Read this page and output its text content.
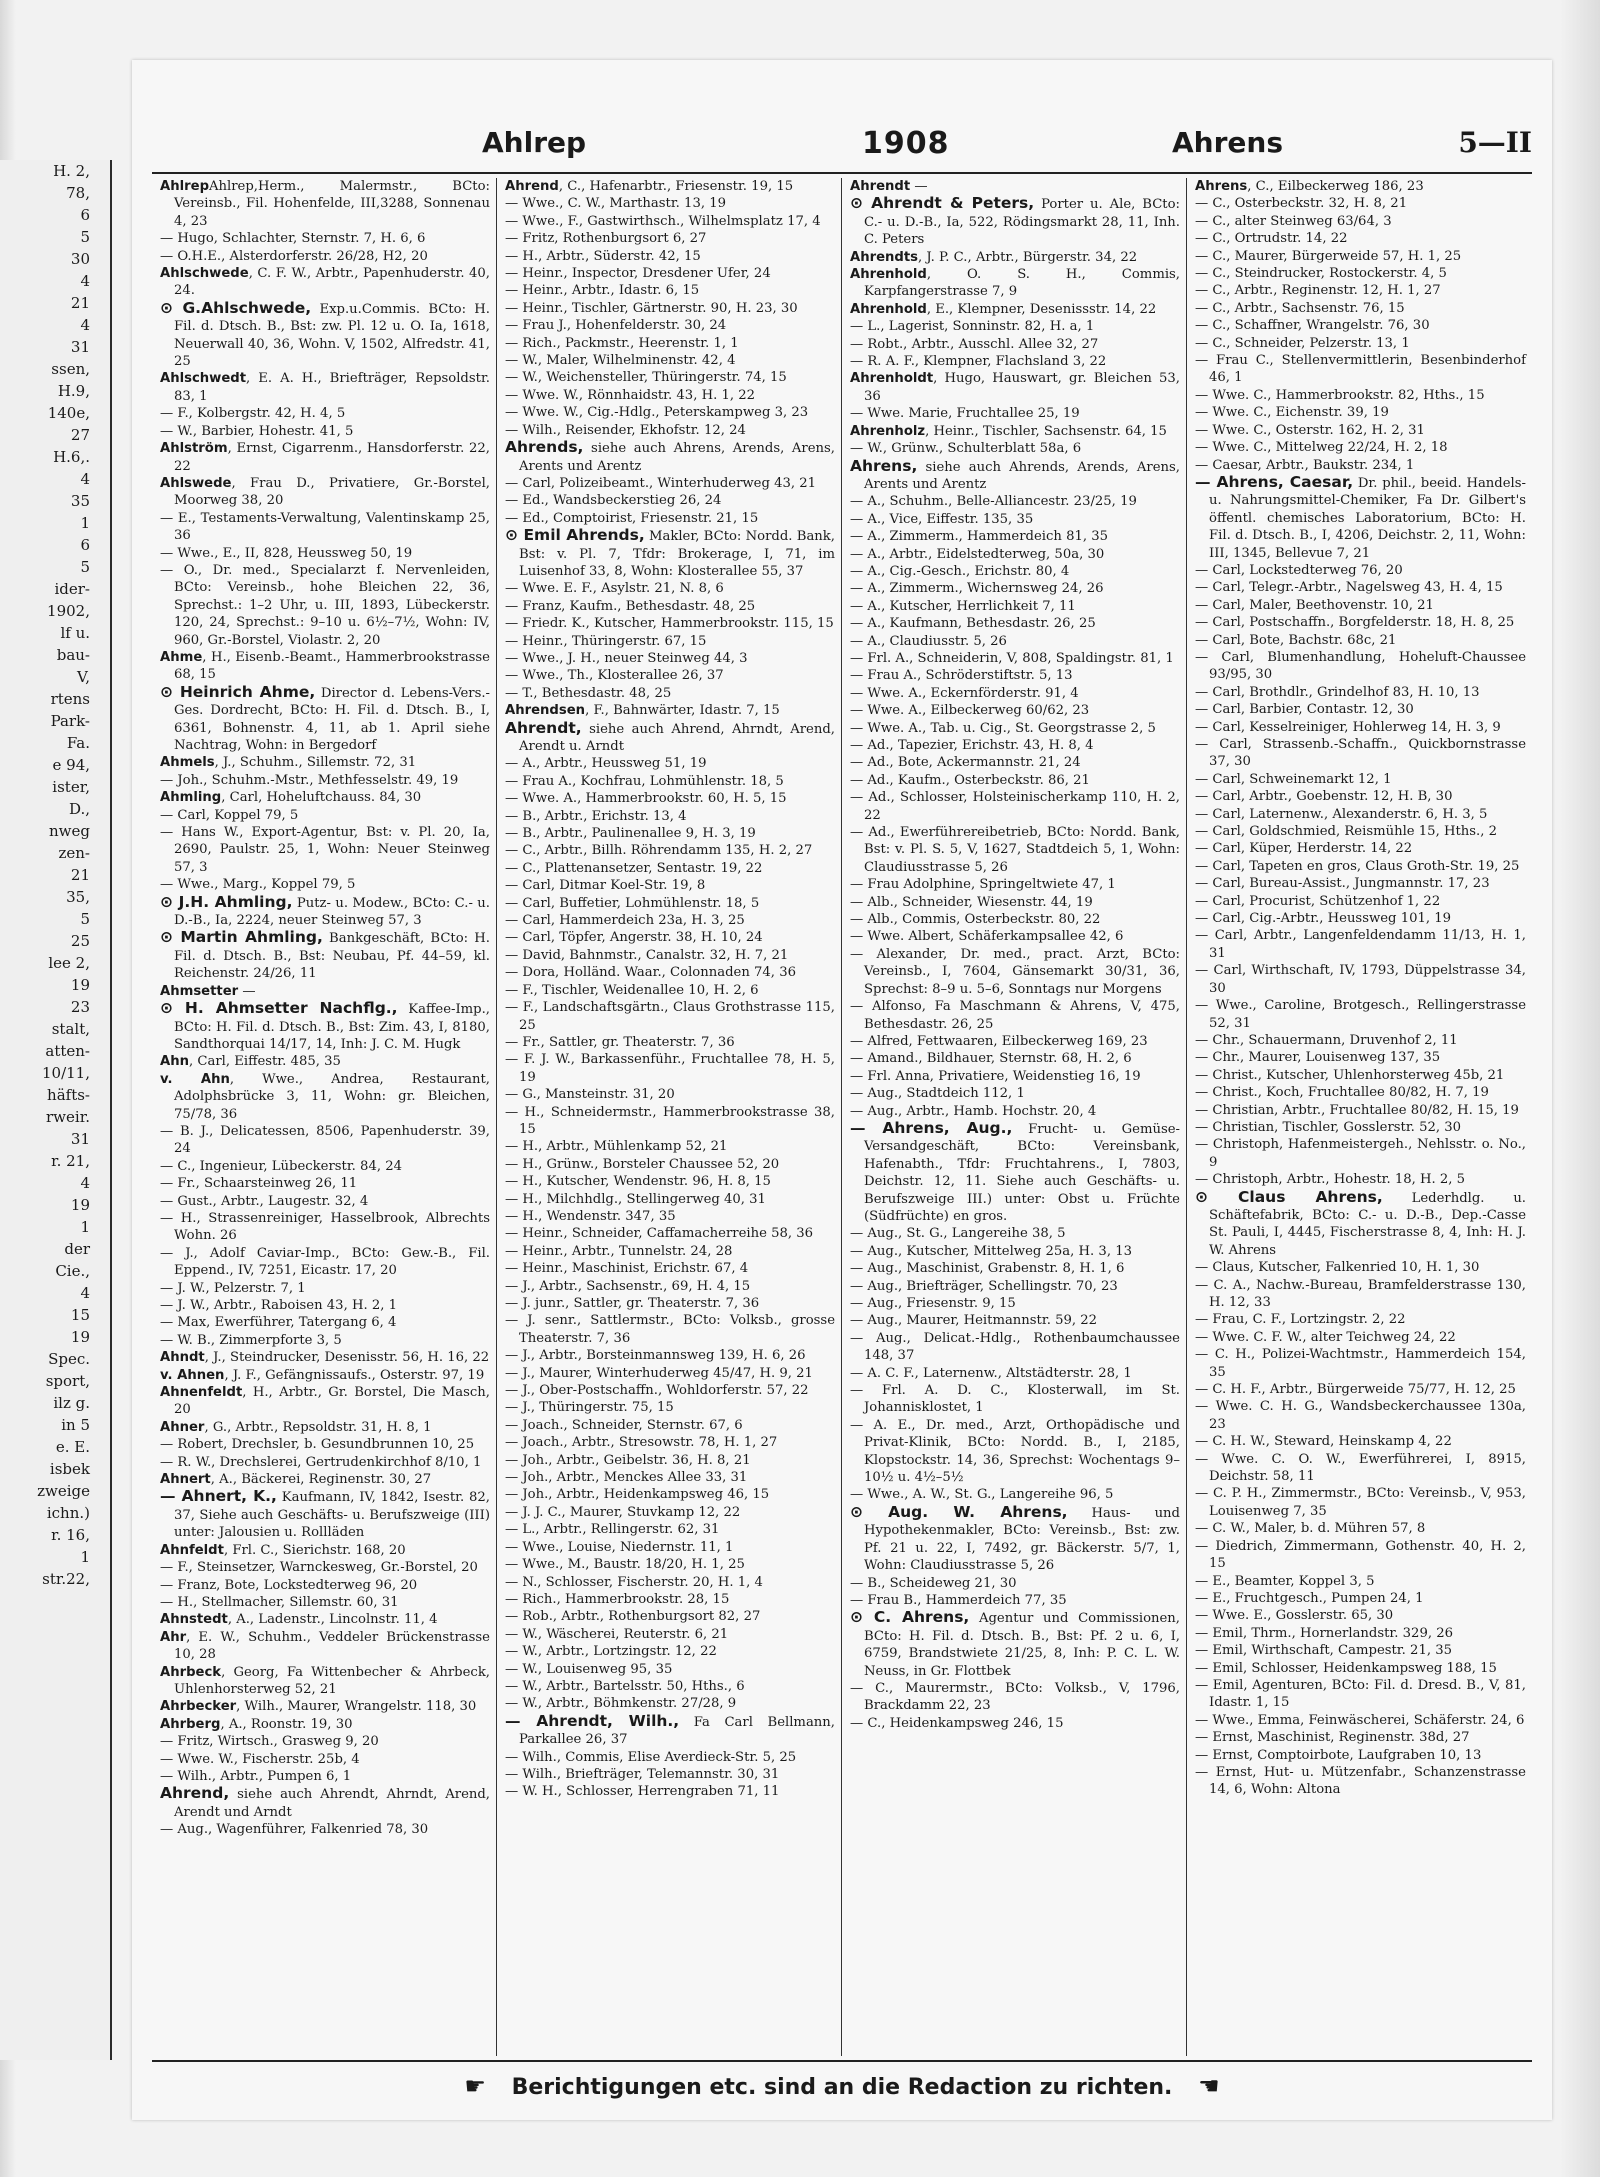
H. 2,
78,
6
5
30
4
21
4
31
ssen,
H.9,
140e,
27
H.6,.
4
35
1
6
5
ider-
1902,
lf u.
bau-
V,
rtens
Park-
Fa.
e 94,
ister,
D.,
nweg
zen-
21
35,
5
25
lee 2,
19
23
stalt,
atten-
10/11,
häfts-
rweir.
31
r. 21,
4
19
1
der
Cie.,
4
15
19
Spec.
sport,
ilz g.
in 5
e. E.
isbek
zweige
ichn.)
r. 16,
1
str.22,
Ahlrep	1908	Ahrens	5—II

AhlrepAhlrep,Herm., Malermstr., BCto: Vereinsb., Fil. Hohenfelde, III,3288, Sonnenau 4, 23

— Hugo, Schlachter, Sternstr. 7, H. 6, 6

— O.H.E., Alsterdorferstr. 26/28, H2, 20

Ahlschwede, C. F. W., Arbtr., Papenhuderstr. 40, 24.

⊙ G.Ahlschwede, Exp.u.Commis. BCto: H. Fil. d. Dtsch. B., Bst: zw. Pl. 12 u. O. Ia, 1618, Neuerwall 40, 36, Wohn. V, 1502, Alfredstr. 41, 25

Ahlschwedt, E. A. H., Briefträger, Repsoldstr. 83, 1

— F., Kolbergstr. 42, H. 4, 5

— W., Barbier, Hohestr. 41, 5

Ahlström, Ernst, Cigarrenm., Hansdorferstr. 22, 22

Ahlswede, Frau D., Privatiere, Gr.-Borstel, Moorweg 38, 20

— E., Testaments-Verwaltung, Valentinskamp 25, 36

— Wwe., E., II, 828, Heussweg 50, 19

— O., Dr. med., Specialarzt f. Nervenleiden, BCto: Vereinsb., hohe Bleichen 22, 36, Sprechst.: 1–2 Uhr, u. III, 1893, Lübeckerstr. 120, 24, Sprechst.: 9–10 u. 6½–7½, Wohn: IV, 960, Gr.-Borstel, Violastr. 2, 20

Ahme, H., Eisenb.-Beamt., Hammerbrookstrasse 68, 15

⊙ Heinrich Ahme, Director d. Lebens-Vers.-Ges. Dordrecht, BCto: H. Fil. d. Dtsch. B., I, 6361, Bohnenstr. 4, 11, ab 1. April siehe Nachtrag, Wohn: in Bergedorf

Ahmels, J., Schuhm., Sillemstr. 72, 31

— Joh., Schuhm.-Mstr., Methfesselstr. 49, 19

Ahmling, Carl, Hoheluftchauss. 84, 30

— Carl, Koppel 79, 5

— Hans W., Export-Agentur, Bst: v. Pl. 20, Ia, 2690, Paulstr. 25, 1, Wohn: Neuer Steinweg 57, 3

— Wwe., Marg., Koppel 79, 5

⊙ J.H. Ahmling, Putz- u. Modew., BCto: C.- u. D.-B., Ia, 2224, neuer Steinweg 57, 3

⊙ Martin Ahmling, Bankgeschäft, BCto: H. Fil. d. Dtsch. B., Bst: Neubau, Pf. 44–59, kl. Reichenstr. 24/26, 11

Ahmsetter —

⊙ H. Ahmsetter Nachflg., Kaffee-Imp., BCto: H. Fil. d. Dtsch. B., Bst: Zim. 43, I, 8180, Sandthorquai 14/17, 14, Inh: J. C. M. Hugk

Ahn, Carl, Eiffestr. 485, 35

v. Ahn, Wwe., Andrea, Restaurant, Adolphsbrücke 3, 11, Wohn: gr. Bleichen, 75/78, 36

— B. J., Delicatessen, 8506, Papenhuderstr. 39, 24

— C., Ingenieur, Lübeckerstr. 84, 24

— Fr., Schaarsteinweg 26, 11

— Gust., Arbtr., Laugestr. 32, 4

— H., Strassenreiniger, Hasselbrook, Albrechts Wohn. 26

— J., Adolf Caviar-Imp., BCto: Gew.-B., Fil. Eppend., IV, 7251, Eicastr. 17, 20

— J. W., Pelzerstr. 7, 1

— J. W., Arbtr., Raboisen 43, H. 2, 1

— Max, Ewerführer, Tatergang 6, 4

— W. B., Zimmerpforte 3, 5

Ahndt, J., Steindrucker, Desenisstr. 56, H. 16, 22

v. Ahnen, J. F., Gefängnissaufs., Osterstr. 97, 19

Ahnenfeldt, H., Arbtr., Gr. Borstel, Die Masch, 20

Ahner, G., Arbtr., Repsoldstr. 31, H. 8, 1

— Robert, Drechsler, b. Gesundbrunnen 10, 25

— R. W., Drechslerei, Gertrudenkirchhof 8/10, 1

Ahnert, A., Bäckerei, Reginenstr. 30, 27

— Ahnert, K., Kaufmann, IV, 1842, Isestr. 82, 37, Siehe auch Geschäfts- u. Berufszweige (III) unter: Jalousien u. Rollläden

Ahnfeldt, Frl. C., Sierichstr. 168, 20

— F., Steinsetzer, Warnckesweg, Gr.-Borstel, 20

— Franz, Bote, Lockstedterweg 96, 20

— H., Stellmacher, Sillemstr. 60, 31

Ahnstedt, A., Ladenstr., Lincolnstr. 11, 4

Ahr, E. W., Schuhm., Veddeler Brückenstrasse 10, 28

Ahrbeck, Georg, Fa Wittenbecher & Ahrbeck, Uhlenhorsterweg 52, 21

Ahrbecker, Wilh., Maurer, Wrangelstr. 118, 30

Ahrberg, A., Roonstr. 19, 30

— Fritz, Wirtsch., Grasweg 9, 20

— Wwe. W., Fischerstr. 25b, 4

— Wilh., Arbtr., Pumpen 6, 1

Ahrend, siehe auch Ahrendt, Ahrndt, Arend, Arendt und Arndt

— Aug., Wagenführer, Falkenried 78, 30

Ahrend, C., Hafenarbtr., Friesenstr. 19, 15

— Wwe., C. W., Marthastr. 13, 19

— Wwe., F., Gastwirthsch., Wilhelmsplatz 17, 4

— Fritz, Rothenburgsort 6, 27

— H., Arbtr., Süderstr. 42, 15

— Heinr., Inspector, Dresdener Ufer, 24

— Heinr., Arbtr., Idastr. 6, 15

— Heinr., Tischler, Gärtnerstr. 90, H. 23, 30

— Frau J., Hohenfelderstr. 30, 24

— Rich., Packmstr., Heerenstr. 1, 1

— W., Maler, Wilhelminenstr. 42, 4

— W., Weichensteller, Thüringerstr. 74, 15

— Wwe. W., Rönnhaidstr. 43, H. 1, 22

— Wwe. W., Cig.-Hdlg., Peterskampweg 3, 23

— Wilh., Reisender, Ekhofstr. 12, 24

Ahrends, siehe auch Ahrens, Arends, Arens, Arents und Arentz

— Carl, Polizeibeamt., Winterhuderweg 43, 21

— Ed., Wandsbeckerstieg 26, 24

— Ed., Comptoirist, Friesenstr. 21, 15

⊙ Emil Ahrends, Makler, BCto: Nordd. Bank, Bst: v. Pl. 7, Tfdr: Brokerage, I, 71, im Luisenhof 33, 8, Wohn: Klosterallee 55, 37

— Wwe. E. F., Asylstr. 21, N. 8, 6

— Franz, Kaufm., Bethesdastr. 48, 25

— Friedr. K., Kutscher, Hammerbrookstr. 115, 15

— Heinr., Thüringerstr. 67, 15

— Wwe., J. H., neuer Steinweg 44, 3

— Wwe., Th., Klosterallee 26, 37

— T., Bethesdastr. 48, 25

Ahrendsen, F., Bahnwärter, Idastr. 7, 15

Ahrendt, siehe auch Ahrend, Ahrndt, Arend, Arendt u. Arndt

— A., Arbtr., Heussweg 51, 19

— Frau A., Kochfrau, Lohmühlenstr. 18, 5

— Wwe. A., Hammerbrookstr. 60, H. 5, 15

— B., Arbtr., Erichstr. 13, 4

— B., Arbtr., Paulinenallee 9, H. 3, 19

— C., Arbtr., Billh. Röhrendamm 135, H. 2, 27

— C., Plattenansetzer, Sentastr. 19, 22

— Carl, Ditmar Koel-Str. 19, 8

— Carl, Buffetier, Lohmühlenstr. 18, 5

— Carl, Hammerdeich 23a, H. 3, 25

— Carl, Töpfer, Angerstr. 38, H. 10, 24

— David, Bahnmstr., Canalstr. 32, H. 7, 21

— Dora, Holländ. Waar., Colonnaden 74, 36

— F., Tischler, Weidenallee 10, H. 2, 6

— F., Landschaftsgärtn., Claus Grothstrasse 115, 25

— Fr., Sattler, gr. Theaterstr. 7, 36

— F. J. W., Barkassenführ., Fruchtallee 78, H. 5, 19

— G., Mansteinstr. 31, 20

— H., Schneidermstr., Hammerbrookstrasse 38, 15

— H., Arbtr., Mühlenkamp 52, 21

— H., Grünw., Borsteler Chaussee 52, 20

— H., Kutscher, Wendenstr. 96, H. 8, 15

— H., Milchhdlg., Stellingerweg 40, 31

— H., Wendenstr. 347, 35

— Heinr., Schneider, Caffamacherreihe 58, 36

— Heinr., Arbtr., Tunnelstr. 24, 28

— Heinr., Maschinist, Erichstr. 67, 4

— J., Arbtr., Sachsenstr., 69, H. 4, 15

— J. junr., Sattler, gr. Theaterstr. 7, 36

— J. senr., Sattlermstr., BCto: Volksb., grosse Theaterstr. 7, 36

— J., Arbtr., Borsteinmannsweg 139, H. 6, 26

— J., Maurer, Winterhuderweg 45/47, H. 9, 21

— J., Ober-Postschaffn., Wohldorferstr. 57, 22

— J., Thüringerstr. 75, 15

— Joach., Schneider, Sternstr. 67, 6

— Joach., Arbtr., Stresowstr. 78, H. 1, 27

— Joh., Arbtr., Geibelstr. 36, H. 8, 21

— Joh., Arbtr., Menckes Allee 33, 31

— Joh., Arbtr., Heidenkampsweg 46, 15

— J. J. C., Maurer, Stuvkamp 12, 22

— L., Arbtr., Rellingerstr. 62, 31

— Wwe., Louise, Niedernstr. 11, 1

— Wwe., M., Baustr. 18/20, H. 1, 25

— N., Schlosser, Fischerstr. 20, H. 1, 4

— Rich., Hammerbrookstr. 28, 15

— Rob., Arbtr., Rothenburgsort 82, 27

— W., Wäscherei, Reuterstr. 6, 21

— W., Arbtr., Lortzingstr. 12, 22

— W., Louisenweg 95, 35

— W., Arbtr., Bartelsstr. 50, Hths., 6

— W., Arbtr., Böhmkenstr. 27/28, 9

— Ahrendt, Wilh., Fa Carl Bellmann, Parkallee 26, 37

— Wilh., Commis, Elise Averdieck-Str. 5, 25

— Wilh., Briefträger, Telemannstr. 30, 31

— W. H., Schlosser, Herrengraben 71, 11

Ahrendt —

⊙ Ahrendt & Peters, Porter u. Ale, BCto: C.- u. D.-B., Ia, 522, Rödingsmarkt 28, 11, Inh. C. Peters

Ahrendts, J. P. C., Arbtr., Bürgerstr. 34, 22

Ahrenhold, O. S. H., Commis, Karpfangerstrasse 7, 9

Ahrenhold, E., Klempner, Desenissstr. 14, 22

— L., Lagerist, Sonninstr. 82, H. a, 1

— Robt., Arbtr., Ausschl. Allee 32, 27

— R. A. F., Klempner, Flachsland 3, 22

Ahrenholdt, Hugo, Hauswart, gr. Bleichen 53, 36

— Wwe. Marie, Fruchtallee 25, 19

Ahrenholz, Heinr., Tischler, Sachsenstr. 64, 15

— W., Grünw., Schulterblatt 58a, 6

Ahrens, siehe auch Ahrends, Arends, Arens, Arents und Arentz

— A., Schuhm., Belle-Alliancestr. 23/25, 19

— A., Vice, Eiffestr. 135, 35

— A., Zimmerm., Hammerdeich 81, 35

— A., Arbtr., Eidelstedterweg, 50a, 30

— A., Cig.-Gesch., Erichstr. 80, 4

— A., Zimmerm., Wichernsweg 24, 26

— A., Kutscher, Herrlichkeit 7, 11

— A., Kaufmann, Bethesdastr. 26, 25

— A., Claudiusstr. 5, 26

— Frl. A., Schneiderin, V, 808, Spaldingstr. 81, 1

— Frau A., Schröderstiftstr. 5, 13

— Wwe. A., Eckernförderstr. 91, 4

— Wwe. A., Eilbeckerweg 60/62, 23

— Wwe. A., Tab. u. Cig., St. Georgstrasse 2, 5

— Ad., Tapezier, Erichstr. 43, H. 8, 4

— Ad., Bote, Ackermannstr. 21, 24

— Ad., Kaufm., Osterbeckstr. 86, 21

— Ad., Schlosser, Holsteinischerkamp 110, H. 2, 22

— Ad., Ewerführereibetrieb, BCto: Nordd. Bank, Bst: v. Pl. S. 5, V, 1627, Stadtdeich 5, 1, Wohn: Claudiusstrasse 5, 26

— Frau Adolphine, Springeltwiete 47, 1

— Alb., Schneider, Wiesenstr. 44, 19

— Alb., Commis, Osterbeckstr. 80, 22

— Wwe. Albert, Schäferkampsallee 42, 6

— Alexander, Dr. med., pract. Arzt, BCto: Vereinsb., I, 7604, Gänsemarkt 30/31, 36, Sprechst: 8–9 u. 5–6, Sonntags nur Morgens

— Alfonso, Fa Maschmann & Ahrens, V, 475, Bethesdastr. 26, 25

— Alfred, Fettwaaren, Eilbeckerweg 169, 23

— Amand., Bildhauer, Sternstr. 68, H. 2, 6

— Frl. Anna, Privatiere, Weidenstieg 16, 19

— Aug., Stadtdeich 112, 1

— Aug., Arbtr., Hamb. Hochstr. 20, 4

— Ahrens, Aug., Frucht- u. Gemüse-Versandgeschäft, BCto: Vereinsbank, Hafenabth., Tfdr: Fruchtahrens., I, 7803, Deichstr. 12, 11. Siehe auch Geschäfts- u. Berufszweige III.) unter: Obst u. Früchte (Südfrüchte) en gros.

— Aug., St. G., Langereihe 38, 5

— Aug., Kutscher, Mittelweg 25a, H. 3, 13

— Aug., Maschinist, Grabenstr. 8, H. 1, 6

— Aug., Briefträger, Schellingstr. 70, 23

— Aug., Friesenstr. 9, 15

— Aug., Maurer, Heitmannstr. 59, 22

— Aug., Delicat.-Hdlg., Rothenbaumchaussee 148, 37

— A. C. F., Laternenw., Altstädterstr. 28, 1

— Frl. A. D. C., Klosterwall, im St. Johannisklostet, 1

— A. E., Dr. med., Arzt, Orthopädische und Privat-Klinik, BCto: Nordd. B., I, 2185, Klopstockstr. 14, 36, Sprechst: Wochentags 9–10½ u. 4½–5½

— Wwe., A. W., St. G., Langereihe 96, 5

⊙ Aug. W. Ahrens, Haus- und Hypothekenmakler, BCto: Vereinsb., Bst: zw. Pf. 21 u. 22, I, 7492, gr. Bäckerstr. 5/7, 1, Wohn: Claudiusstrasse 5, 26

— B., Scheideweg 21, 30

— Frau B., Hammerdeich 77, 35

⊙ C. Ahrens, Agentur und Commissionen, BCto: H. Fil. d. Dtsch. B., Bst: Pf. 2 u. 6, I, 6759, Brandstwiete 21/25, 8, Inh: P. C. L. W. Neuss, in Gr. Flottbek

— C., Maurermstr., BCto: Volksb., V, 1796, Brackdamm 22, 23

— C., Heidenkampsweg 246, 15

Ahrens, C., Eilbeckerweg 186, 23

— C., Osterbeckstr. 32, H. 8, 21

— C., alter Steinweg 63/64, 3

— C., Ortrudstr. 14, 22

— C., Maurer, Bürgerweide 57, H. 1, 25

— C., Steindrucker, Rostockerstr. 4, 5

— C., Arbtr., Reginenstr. 12, H. 1, 27

— C., Arbtr., Sachsenstr. 76, 15

— C., Schaffner, Wrangelstr. 76, 30

— C., Schneider, Pelzerstr. 13, 1

— Frau C., Stellenvermittlerin, Besenbinderhof 46, 1

— Wwe. C., Hammerbrookstr. 82, Hths., 15

— Wwe. C., Eichenstr. 39, 19

— Wwe. C., Osterstr. 162, H. 2, 31

— Wwe. C., Mittelweg 22/24, H. 2, 18

— Caesar, Arbtr., Baukstr. 234, 1

— Ahrens, Caesar, Dr. phil., beeid. Handels- u. Nahrungsmittel-Chemiker, Fa Dr. Gilbert's öffentl. chemisches Laboratorium, BCto: H. Fil. d. Dtsch. B., I, 4206, Deichstr. 2, 11, Wohn: III, 1345, Bellevue 7, 21

— Carl, Lockstedterweg 76, 20

— Carl, Telegr.-Arbtr., Nagelsweg 43, H. 4, 15

— Carl, Maler, Beethovenstr. 10, 21

— Carl, Postschaffn., Borgfelderstr. 18, H. 8, 25

— Carl, Bote, Bachstr. 68c, 21

— Carl, Blumenhandlung, Hoheluft-Chaussee 93/95, 30

— Carl, Brothdlr., Grindelhof 83, H. 10, 13

— Carl, Barbier, Contastr. 12, 30

— Carl, Kesselreiniger, Hohlerweg 14, H. 3, 9

— Carl, Strassenb.-Schaffn., Quickbornstrasse 37, 30

— Carl, Schweinemarkt 12, 1

— Carl, Arbtr., Goebenstr. 12, H. B, 30

— Carl, Laternenw., Alexanderstr. 6, H. 3, 5

— Carl, Goldschmied, Reismühle 15, Hths., 2

— Carl, Küper, Herderstr. 14, 22

— Carl, Tapeten en gros, Claus Groth-Str. 19, 25

— Carl, Bureau-Assist., Jungmannstr. 17, 23

— Carl, Procurist, Schützenhof 1, 22

— Carl, Cig.-Arbtr., Heussweg 101, 19

— Carl, Arbtr., Langenfeldendamm 11/13, H. 1, 31

— Carl, Wirthschaft, IV, 1793, Düppelstrasse 34, 30

— Wwe., Caroline, Brotgesch., Rellingerstrasse 52, 31

— Chr., Schauermann, Druvenhof 2, 11

— Chr., Maurer, Louisenweg 137, 35

— Christ., Kutscher, Uhlenhorsterweg 45b, 21

— Christ., Koch, Fruchtallee 80/82, H. 7, 19

— Christian, Arbtr., Fruchtallee 80/82, H. 15, 19

— Christian, Tischler, Gosslerstr. 52, 30

— Christoph, Hafenmeistergeh., Nehlsstr. o. No., 9

— Christoph, Arbtr., Hohestr. 18, H. 2, 5

⊙ Claus Ahrens, Lederhdlg. u. Schäftefabrik, BCto: C.- u. D.-B., Dep.-Casse St. Pauli, I, 4445, Fischerstrasse 8, 4, Inh: H. J. W. Ahrens

— Claus, Kutscher, Falkenried 10, H. 1, 30

— C. A., Nachw.-Bureau, Bramfelderstrasse 130, H. 12, 33

— Frau, C. F., Lortzingstr. 2, 22

— Wwe. C. F. W., alter Teichweg 24, 22

— C. H., Polizei-Wachtmstr., Hammerdeich 154, 35

— C. H. F., Arbtr., Bürgerweide 75/77, H. 12, 25

— Wwe. C. H. G., Wandsbeckerchaussee 130a, 23

— C. H. W., Steward, Heinskamp 4, 22

— Wwe. C. O. W., Ewerführerei, I, 8915, Deichstr. 58, 11

— C. P. H., Zimmermstr., BCto: Vereinsb., V, 953, Louisenweg 7, 35

— C. W., Maler, b. d. Mühren 57, 8

— Diedrich, Zimmermann, Gothenstr. 40, H. 2, 15

— E., Beamter, Koppel 3, 5

— E., Fruchtgesch., Pumpen 24, 1

— Wwe. E., Gosslerstr. 65, 30

— Emil, Thrm., Hornerlandstr. 329, 26

— Emil, Wirthschaft, Campestr. 21, 35

— Emil, Schlosser, Heidenkampsweg 188, 15

— Emil, Agenturen, BCto: Fil. d. Dresd. B., V, 81, Idastr. 1, 15

— Wwe., Emma, Feinwäscherei, Schäferstr. 24, 6

— Ernst, Maschinist, Reginenstr. 38d, 27

— Ernst, Comptoirbote, Laufgraben 10, 13

— Ernst, Hut- u. Mützenfabr., Schanzenstrasse 14, 6, Wohn: Altona

☛ Berichtigungen etc. sind an die Redaction zu richten. ☚
